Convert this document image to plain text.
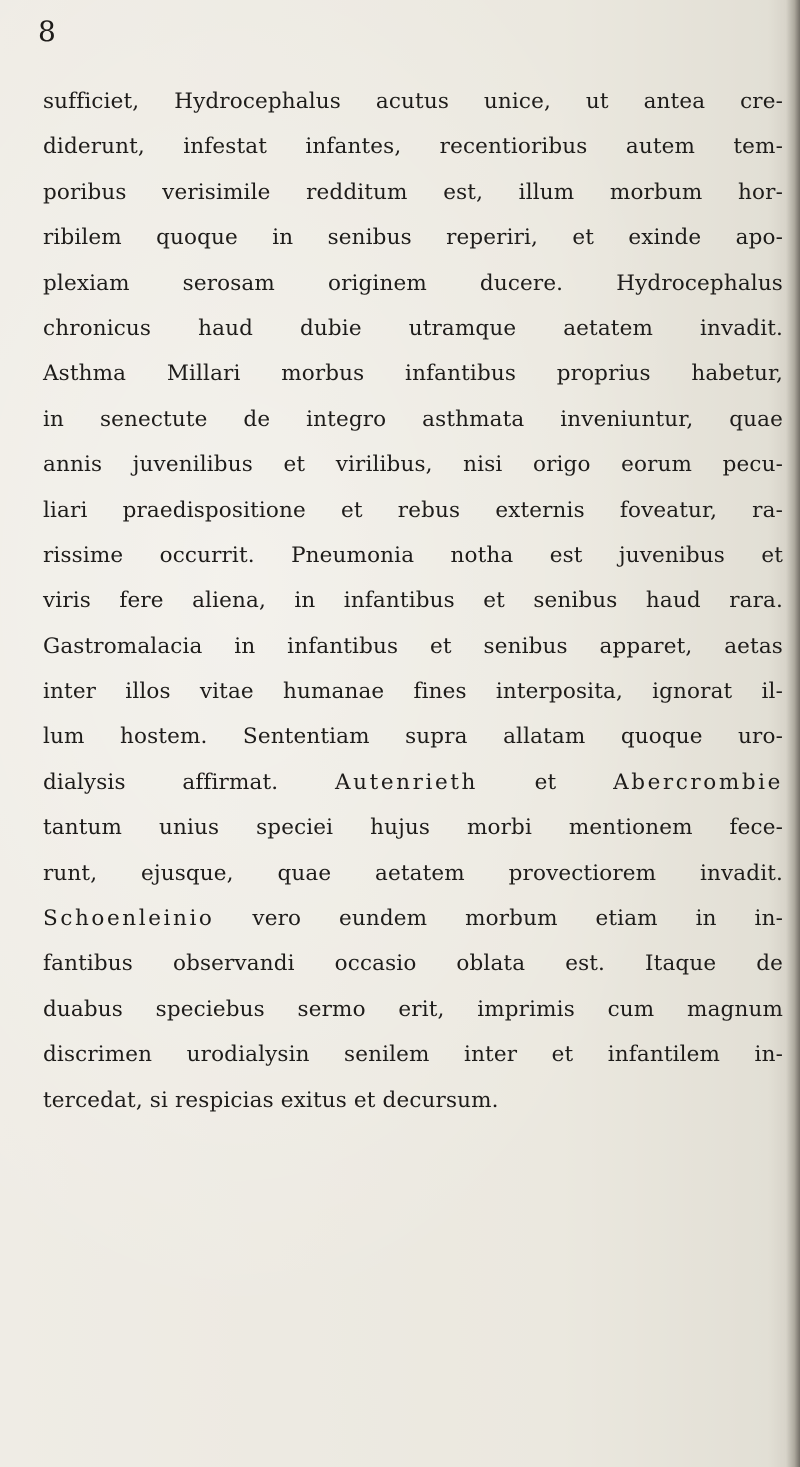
8
sufficiet, Hydrocephalus acutus unice, ut antea cre-
diderunt, infestat infantes, recentioribus autem tem-
poribus verisimile redditum est, illum morbum hor-
ribilem quoque in senibus reperiri, et exinde apo-
plexiam serosam originem ducere. Hydrocephalus
chronicus haud dubie utramque aetatem invadit.
Asthma Millari morbus infantibus proprius habetur,
in senectute de integro asthmata inveniuntur, quae
annis juvenilibus et virilibus, nisi origo eorum pecu-
liari praedispositione et rebus externis foveatur, ra-
rissime occurrit. Pneumonia notha est juvenibus et
viris fere aliena, in infantibus et senibus haud rara.
Gastromalacia in infantibus et senibus apparet, aetas
inter illos vitae humanae fines interposita, ignorat il-
lum hostem. Sententiam supra allatam quoque uro-
dialysis affirmat. Autenrieth et Abercrombie
tantum unius speciei hujus morbi mentionem fece-
runt, ejusque, quae aetatem provectiorem invadit.
Schoenleinio vero eundem morbum etiam in in-
fantibus observandi occasio oblata est. Itaque de
duabus speciebus sermo erit, imprimis cum magnum
discrimen urodialysin senilem inter et infantilem in-
tercedat, si respicias exitus et decursum.
